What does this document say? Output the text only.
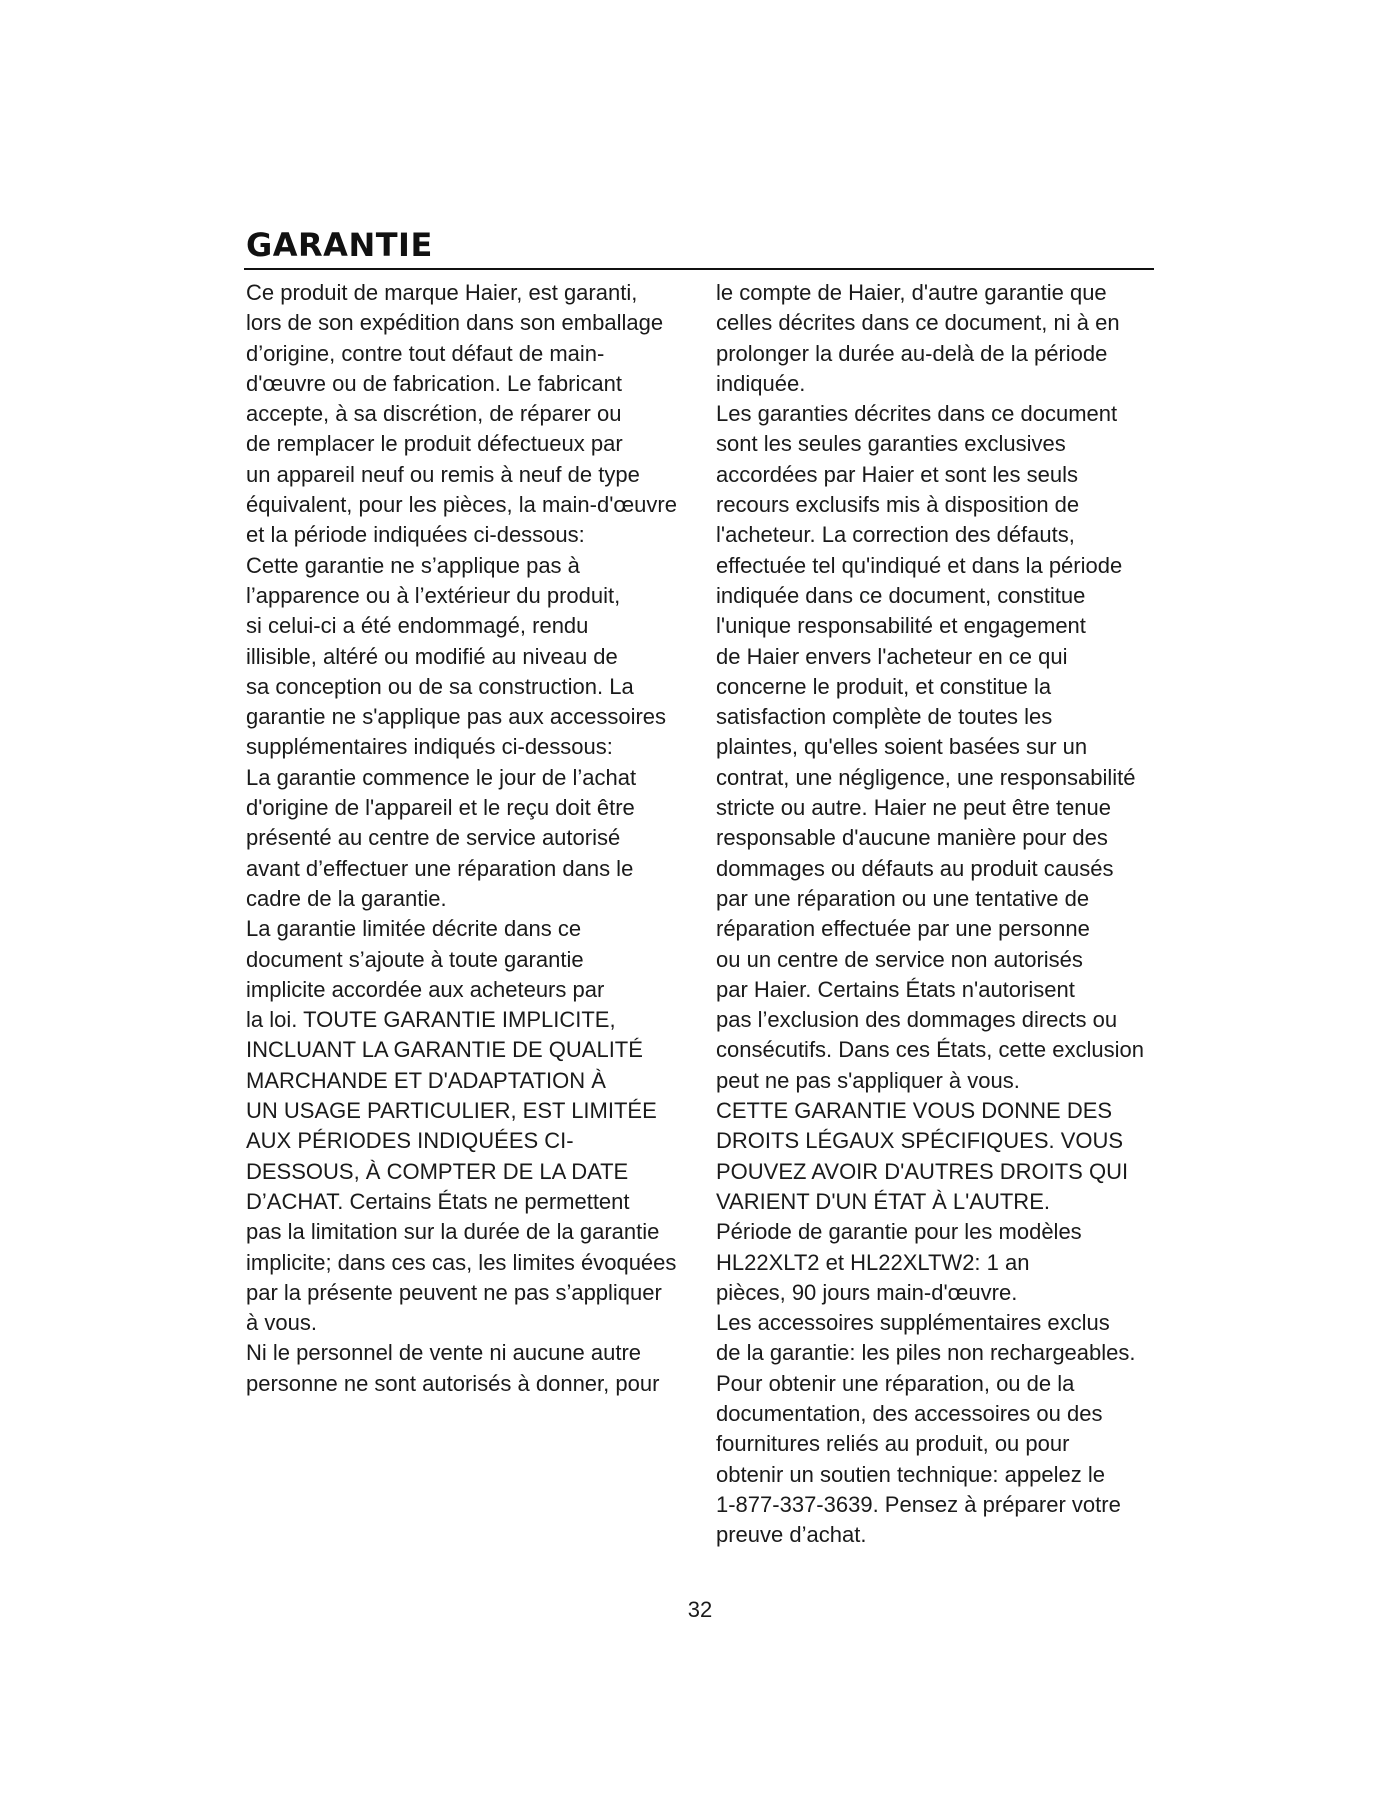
GARANTIE
Ce produit de marque Haier, est garanti,
lors de son expédition dans son emballage
d’origine, contre tout défaut de main-
d'œuvre ou de fabrication. Le fabricant
accepte, à sa discrétion, de réparer ou
de remplacer le produit défectueux par
un appareil neuf ou remis à neuf de type
équivalent, pour les pièces, la main-d'œuvre
et la période indiquées ci-dessous:
Cette garantie ne s’applique pas à
l’apparence ou à l’extérieur du produit,
si celui-ci a été endommagé, rendu
illisible, altéré ou modifié au niveau de
sa conception ou de sa construction. La
garantie ne s'applique pas aux accessoires
supplémentaires indiqués ci-dessous:
La garantie commence le jour de l’achat
d'origine de l'appareil et le reçu doit être
présenté au centre de service autorisé
avant d’effectuer une réparation dans le
cadre de la garantie.
La garantie limitée décrite dans ce
document s’ajoute à toute garantie
implicite accordée aux acheteurs par
la loi. TOUTE GARANTIE IMPLICITE,
INCLUANT LA GARANTIE DE QUALITÉ
MARCHANDE ET D'ADAPTATION À
UN USAGE PARTICULIER, EST LIMITÉE
AUX PÉRIODES INDIQUÉES CI-
DESSOUS, À COMPTER DE LA DATE
D’ACHAT. Certains États ne permettent
pas la limitation sur la durée de la garantie
implicite; dans ces cas, les limites évoquées
par la présente peuvent ne pas s’appliquer
à vous.
Ni le personnel de vente ni aucune autre
personne ne sont autorisés à donner, pour
le compte de Haier, d'autre garantie que
celles décrites dans ce document, ni à en
prolonger la durée au-delà de la période
indiquée.
Les garanties décrites dans ce document
sont les seules garanties exclusives
accordées par Haier et sont les seuls
recours exclusifs mis à disposition de
l'acheteur. La correction des défauts,
effectuée tel qu'indiqué et dans la période
indiquée dans ce document, constitue
l'unique responsabilité et engagement
de Haier envers l'acheteur en ce qui
concerne le produit, et constitue la
satisfaction complète de toutes les
plaintes, qu'elles soient basées sur un
contrat, une négligence, une responsabilité
stricte ou autre. Haier ne peut être tenue
responsable d'aucune manière pour des
dommages ou défauts au produit causés
par une réparation ou une tentative de
réparation effectuée par une personne
ou un centre de service non autorisés
par Haier. Certains États n'autorisent
pas l’exclusion des dommages directs ou
consécutifs. Dans ces États, cette exclusion
peut ne pas s'appliquer à vous.
CETTE GARANTIE VOUS DONNE DES
DROITS LÉGAUX SPÉCIFIQUES. VOUS
POUVEZ AVOIR D'AUTRES DROITS QUI
VARIENT D'UN ÉTAT À L'AUTRE.
Période de garantie pour les modèles
HL22XLT2 et HL22XLTW2: 1 an
pièces, 90 jours main-d'œuvre.
Les accessoires supplémentaires exclus
de la garantie: les piles non rechargeables.
Pour obtenir une réparation, ou de la
documentation, des accessoires ou des
fournitures reliés au produit, ou pour
obtenir un soutien technique: appelez le
1-877-337-3639. Pensez à préparer votre
preuve d’achat.
32
